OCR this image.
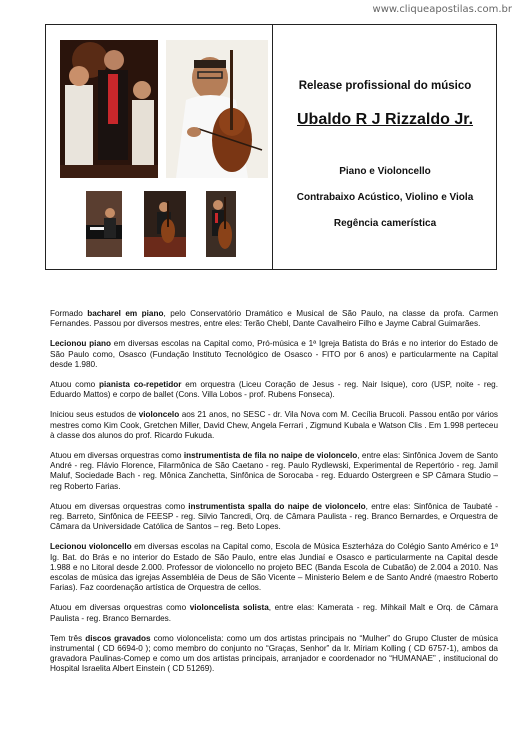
www.cliqueapostilas.com.br
Release profissional do músico
Ubaldo R J Rizzaldo Jr.
Piano e Violoncello
Contrabaixo Acústico, Violino e Viola
Regência camerística

Formado bacharel em piano, pelo Conservatório Dramático e Musical de São Paulo, na classe da profa. Carmen Fernandes. Passou por diversos mestres, entre eles: Terão Chebl, Dante Cavalheiro Filho e Jayme Cabral Guimarães.

Lecionou piano em diversas escolas na Capital como, Pró-música e 1ª Igreja Batista do Brás e no interior do Estado de São Paulo como, Osasco (Fundação Instituto Tecnológico de Osasco - FITO por 6 anos) e particularmente na Capital desde 1.980.

Atuou como pianista co-repetidor em orquestra (Liceu Coração de Jesus - reg. Nair Isique), coro (USP, noite - reg. Eduardo Mattos) e corpo de ballet (Cons. Villa Lobos - prof. Rubens Fonseca).

Iniciou seus estudos de violoncelo aos 21 anos, no SESC - dr. Vila Nova com M. Cecília Brucoli. Passou então por vários mestres como Kim Cook, Gretchen Miller, David Chew, Angela Ferrari , Zigmund Kubala e Watson Clis . Em 1.998 perteceu à classe dos alunos do prof. Ricardo Fukuda.

Atuou em diversas orquestras como instrumentista de fila no naipe de violoncelo, entre elas: Sinfônica Jovem de Santo André - reg. Flávio Florence, Filarmônica de São Caetano - reg. Paulo Rydlewski, Experimental de Repertório - reg. Jamil Maluf, Sociedade Bach - reg. Mônica Zanchetta, Sinfônica de Sorocaba - reg. Eduardo Ostergreen e SP Câmara Studio – reg Roberto Farias.

Atuou em diversas orquestras como instrumentista spalla do naipe de violoncelo, entre elas: Sinfônica de Taubaté - reg. Barreto, Sinfônica de FEESP - reg. Silvio Tancredi, Orq. de Câmara Paulista - reg. Branco Bernardes, e Orquestra de Câmara da Universidade Católica de Santos – reg. Beto Lopes.

Lecionou violoncello em diversas escolas na Capital como, Escola de Música Eszterháza do Colégio Santo Américo e 1ª Ig. Bat. do Brás e no interior do Estado de São Paulo, entre elas Jundiaí e Osasco e particularmente na Capital desde 1.988 e no Litoral desde 2.000. Professor de violoncello no projeto BEC (Banda Escola de Cubatão) de 2.004 a 2010. Nas escolas de música das igrejas Assembléia de Deus de São Vicente – Ministerio Belem e de Santo André (maestro Roberto Farias). Faz coordenação artística de Orquestra de cellos.

Atuou em diversas orquestras como violoncelista solista, entre elas: Kamerata - reg. Mihkail Malt e Orq. de Câmara Paulista - reg. Branco Bernardes.

Tem três discos gravados como violoncelista: como um dos artistas principais no “Mulher” do Grupo Cluster de música instrumental ( CD 6694-0 ); como membro do conjunto no “Graças, Senhor” da Ir. Míriam Kolling ( CD 6757-1), ambos da gravadora Paulinas-Comep e como um dos artistas principais, arranjador e coordenador no “HUMANAE” , institucional do Hospital Israelita Albert Einstein ( CD 51269).
